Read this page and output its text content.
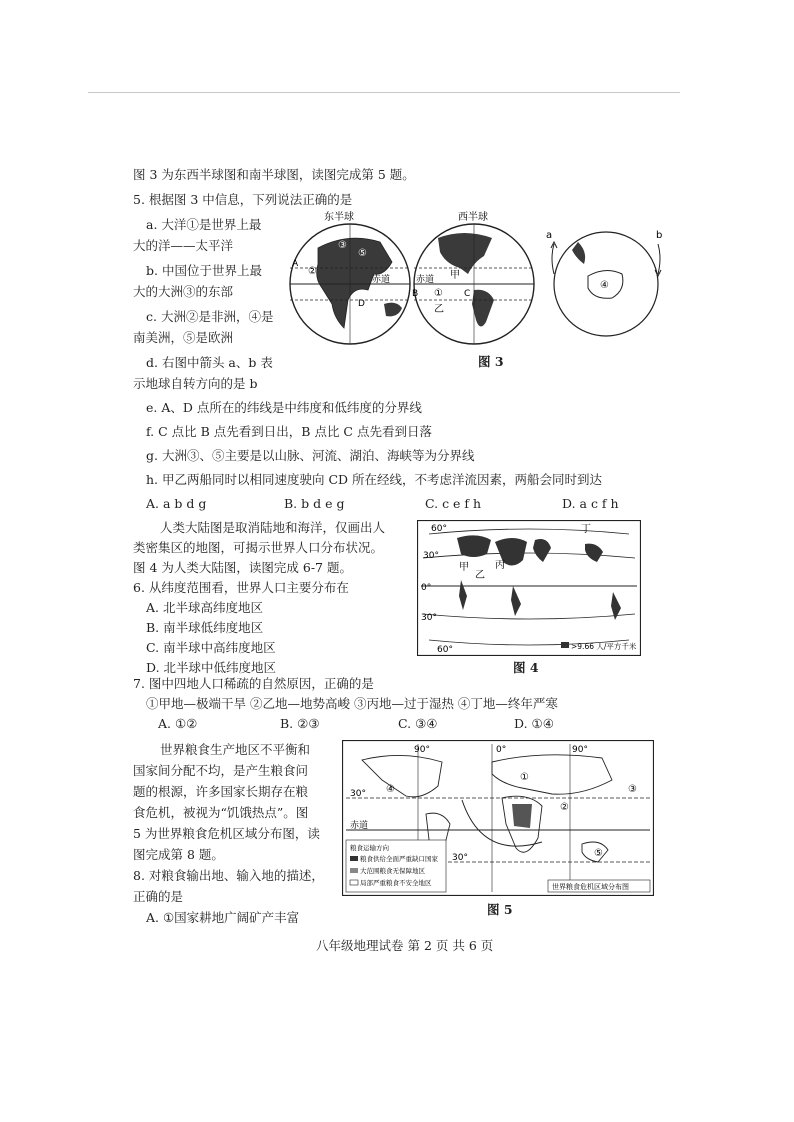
图 3 为东西半球图和南半球图，读图完成第 5 题。
5. 根据图 3 中信息，下列说法正确的是
a. 大洋①是世界上最
大的洋——太平洋
b. 中国位于世界上最
大的大洲③的东部
c. 大洲②是非洲，④是
南美洲，⑤是欧洲
d. 右图中箭头 a、b 表
示地球自转方向的是 b
e. A、D 点所在的纬线是中纬度和低纬度的分界线
f. C 点比 B 点先看到日出，B 点比 C 点先看到日落
g. 大洲③、⑤主要是以山脉、河流、湖泊、海峡等为分界线
h. 甲乙两船同时以相同速度驶向 CD 所在经线，不考虑洋流因素，两船会同时到达
A. a b d g	B. b d e g	C. c e f h	D. a c f h
东半球
③
⑤
②
赤道
D
A
西半球
赤道
①
甲
乙
B	C
④
a	b
图 3
人类大陆图是取消陆地和海洋，仅画出人
类密集区的地图，可揭示世界人口分布状况。
图 4 为人类大陆图，读图完成 6-7 题。
6. 从纬度范围看，世界人口主要分布在
A. 北半球高纬度地区
B. 南半球低纬度地区
C. 南半球中高纬度地区
D. 北半球中低纬度地区
60°
30°
0°
30°
60°
甲
乙
丙
丁
>9.66 人/平方千米
图 4
7. 图中四地人口稀疏的自然原因，正确的是
①甲地—极端干旱 ②乙地—地势高峻 ③丙地—过于湿热 ④丁地—终年严寒
A. ①②	B. ②③	C. ③④	D. ①④
世界粮食生产地区不平衡和
国家间分配不均，是产生粮食问
题的根源，许多国家长期存在粮
食危机，被视为“饥饿热点”。图
5 为世界粮食危机区域分布图，读
图完成第 8 题。
8. 对粮食输出地、输入地的描述，
正确的是
A. ①国家耕地广阔矿产丰富
90°	0°	90°
30°
赤道
30°
④
①
②
③
⑤
粮食运输方向
粮食供给全面严重缺口国家
大范围粮食无保障地区
局部严重粮食不安全地区	世界粮食危机区域分布图
图 5
八年级地理试卷 第 2 页 共 6 页
